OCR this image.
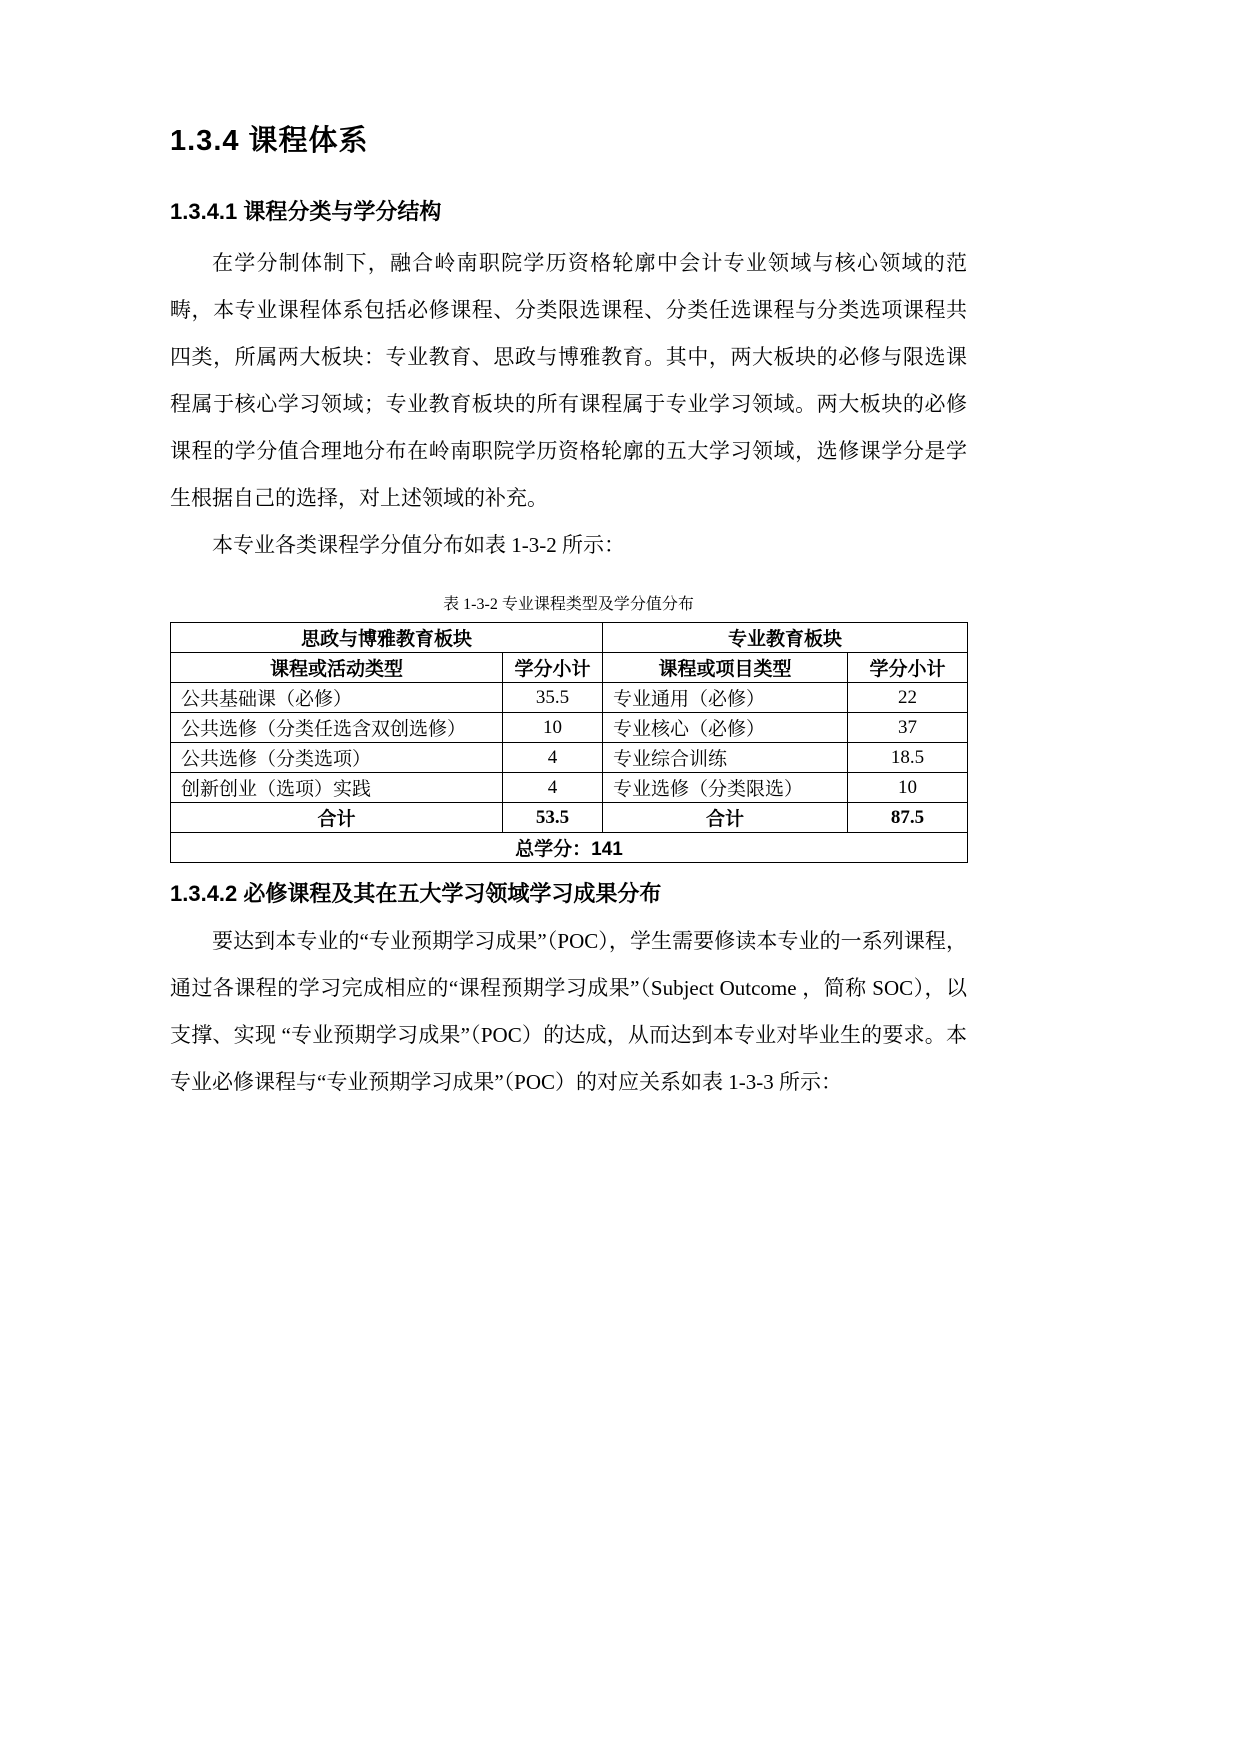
1.3.4 课程体系
1.3.4.1 课程分类与学分结构

在学分制体制下，融合岭南职院学历资格轮廓中会计专业领域与核心领域的范畴，本专业课程体系包括必修课程、分类限选课程、分类任选课程与分类选项课程共四类，所属两大板块：专业教育、思政与博雅教育。其中，两大板块的必修与限选课程属于核心学习领域；专业教育板块的所有课程属于专业学习领域。两大板块的必修课程的学分值合理地分布在岭南职院学历资格轮廓的五大学习领域，选修课学分是学生根据自己的选择，对上述领域的补充。

本专业各类课程学分值分布如表 1-3-2 所示：

表 1-3-2 专业课程类型及学分值分布
思政与博雅教育板块		专业教育板块	
课程或活动类型	学分小计	课程或项目类型	学分小计
公共基础课（必修）	35.5	专业通用（必修）	22
公共选修（分类任选含双创选修）	10	专业核心（必修）	37
公共选修（分类选项）	4	专业综合训练	18.5
创新创业（选项）实践	4	专业选修（分类限选）	10
合计	53.5	合计	87.5
总学分：141			
1.3.4.2 必修课程及其在五大学习领域学习成果分布

要达到本专业的“专业预期学习成果”（POC），学生需要修读本专业的一系列课程，通过各课程的学习完成相应的“课程预期学习成果”（Subject Outcome ，简称 SOC），以支撑、实现 “专业预期学习成果”（POC）的达成，从而达到本专业对毕业生的要求。本专业必修课程与“专业预期学习成果”（POC）的对应关系如表 1-3-3 所示：
